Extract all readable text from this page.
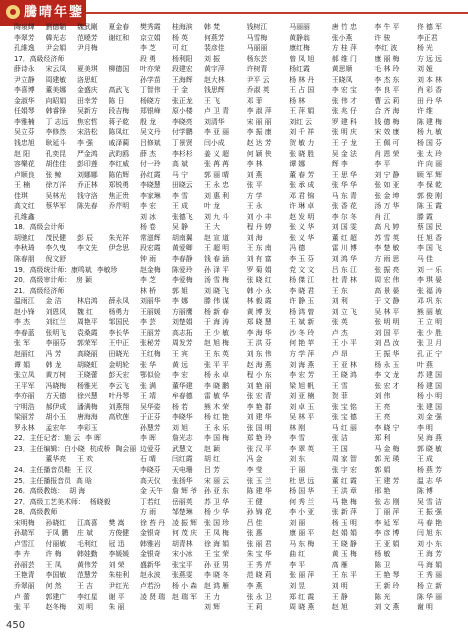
騰晴年鑒
陶泉輝	劉德韜	魏武剛	夏金春	樊秀霞	桂海滨	韩 梵	钱树江	马丽丽	唐 竹 忠	李 牛 平	佟 德 军
李翠芳	韓光志	范曉芳	谢红和	京立娟	杨 英	何燕芳	马雪梅	黄静翁	张小燕	许 骏	李正君
孔維逸	尹会娟	尹月梅	李 芝	可 红	裴彦佳	马丽丽	康红梅	方 桂 萍	李红 波	杨 光
17．高級经济师	段 勇	杨利阳	刘 振	杨东芸	曾 凤 旭	郝 维 门	康 丽 梅	方 远 远
薛诗永	宋云凤	夏美琪	柳德国	叶亦荣	段建宏	黄宇萍	许树青	杨红霞	黄思顺	毛 林 玲	刘 娅
尹立静	周建敏	洛思虹	孙学苗	王海辉	赵大林	尹平 云	杨 林 丹	王晓凤	李 杰 东	刘 本 林
李喜博	董美娜	金盛庆	高武飞	丁智伟	于 金	钱思辉	乔淑 英	王 占 国	李 宏 宝	李 良 平	肖 彩 香
金淑华	向昭娟	田幸芳	陈 日	杨晓方	张正龙	王 飞	邓 菲	杨 林	张 伟 才	曹 云 莉	田 丹 华
任娟琴	韩睿锋	吴新方	段吉梅	郑银峰	原小楼	卢 卫 青	李 淑 萍	王 萍 娟	张 兆 仔	合 齐 海	许 维
李雅楠	丁 志远	焦宏哲	蒋子乾	殷 龙	李晓亮	刘清华	宋 丽 丽	刘红 云	罗 建 科	钱 德 梅	陈 建 梅
吴立芬	李修然	宋浩松	陈凤红	吴文丹	付学鹏	李 亚 丽	李 振 康	刘 千 祥	张 明 庆	宋 效 康	杨 九 敏
钱忠旭	耿延斗	李 强	戚泽蔺	吕修斌	丁景贤	闫小成	赵 达 芳	贺 敏 力	王 子 龙	王 佩 可	杨 国 芬
赵 阳	孔奕昆	严金鸿	武昀鸥	薛 杰	李杉杉	姜 义 超	何 颖 侠	张 晓 胜	吴 金 法	肖 恩 荣	张 太 玲
容樂花	胡佳佳	彭印莲	李红威	付一玲	高 斌	张 苒 苒	李 林	谭 娜	辉 李	李 平	许 向 丽
卢顺良	张 鲸	刘娜娜	陈佑辉	孙红霞	马 宁	郭 丽 晴	刘 燕	董 春 芳	王 思 华	刘 宁 静	顾 军 辉
王 楠	徐万洋	乔正林	郑锐勇	李晓慧	田晓云	王 永 忠	张 平	张 承 成	张 华 华	张 如 亚	李 保 乾
佳琪	吴林光	钱守洛	焦正贵	李家琳	李 雪	刘 惠 利	方 学	邓 君 锦	马 东 青	张 金 坤	郭 俊 刚
高文红	蔡华军	陈先春	乔芹明	李 宏	王 成	叶 龙	王 永	许 琳 卓	张 香 花	汤 万 华	陈 玉 霞
孔维鑫	刘 冰	张德飞	刘 九 斗	刘 小 丰	赵 发 明	李 尔 冬	肖 江	滕 霞
18．高级会计师	杨 卷	吴 静	王 大	程 丹 婷	张 义 华	刘 国 雯	高 凡 婷	蔡 国 民
胡驰红	茂民健	彭 辰	朱光祥	常滋辉	胡南翼	赵 宣 道	刘 海	张 义 华	董 红 超	苏 雪 英	任 旭 香
李秋琦	李久曳	李文先	伊念思	段宏霞	黄爱卿	王 超 明	王 东 南	冯 德	雷 川 博	李 楚 敏	李 国 飞
陈春朋	倪文舒	钟 雨	李春静	钱 春 涵	刘 有 富	李 玉 芬	刘 鸿 华	方 雨 思	马 佳
19．高级统计师：康鸣斌 李敏珍	赵金梅	陈爱玲	孙 泽 平	罗 菊 娟	党 文 文	吕 东 江	张 振 亮	刘 一 乐
20．高级审计师： 房 颖	李 芝	李爱梅	汤 雪 梅	张 晓 红	杨 傑 江	杜 青 林	周 宏 伟	李 琪 晏
21．高级经济师	林 桥	郭 姐	刘 晓 飞	韩 小 永	李 晓 君	王 东	高 景 晏	张 福 涛
温雨江	金 洁	林启鸿	薛永凤	刘丽华	李 娜	滕 伟 谋	林 毅 霞	许 静 玉	刘 利	于 文 静	邓 巩 东
赵小锋	刘恩风	魏 红	杨勇力	王丽媛	方丽鹰	杨 新 春	黄 博 发	杨 鸿 曾	刘 立 飞	吴 林 平	熊 丽 敏
李 杰	刘红兰	周艳平	邹国民	李 芸	刘楚娟	于 海 涛	郑 晓 慧	王 斌 新	张 英	张 明 明	王 立 明
李春蓝	张明飞	袁桑霞	李长华	王丽芳	高志拓	王 少 敏	李 海 华	沙 冬 玲	卢 杰	刘 国 平	张 少 胜
张 军	李丽芬	郭荣军	王中正	张秘芳	周发芳	赵 旭 梅	王 洪 芬	何 艳 苹	王 小 平	刘 昌 汝	张 卫 月
赵丽红	冯 芳	高晓丽	田晓光	王红梅	王 宾	王 东 英	刘 东 伟	方 学 萍	卢 昂	王 振 华	孔 正 宁
谭 娟	韩 龙	胡晓虹	金明轮	张 华	黄 远	张 平 平	赵 海 燕	刘 海 燕	王 亚 林	杨 永 玉	叶 燕
张立凤	黄万树	王晓蕾	彭天宏	鄂似俭	李 宏	杨 永 卓	程 小 东	李 宏 芳	王 晓 鸿	李 文 龙	苏 建 国
王平军	冯晓梅	杨雅光	李云飞	张 满	董华建	李 晓 鹏	刘 艳 丽	梁 旭 帆	王 雪	张 宏 才	杨 建 国
李亦丽	方天德	徐兴慧	叶丹琴	王 靖	牟春德	雷 敏 华	张 宏 青	刘 亚 楠	贺 菲	刘 伟	杨 小 明
宁明浩	郝伊成	潘满梅	刘燕翔	吴华姿	杨 若	熊 木 荣	李 艳 群	刘 卓 玉	张 宝 铭	王 亮	张 建 国
梁丽芳	胡小玉	唐海海	高欣莲	于正芬	李晓华	杨 红 艳	刘 建 华	吴 林 平	张 宝 德	王 亮	刘 金 强
罗永林	孟宏年	李彩玉	孙慧芳	刘 旭	王 永 乐	张 国 明	林 刚	马 红 丽	李 晓 宁	李 明
22．主任记者：施 云 李 晖	李 晖	詹光志	李 国 梅	郑 艳 玲	李 雪	张 洁	郑 利	吴 海 燕
23．主任编辑：白小晓 杭成桥 陶会丽 边爱芬	武慧文	赵 颖	张 汉 平	李 翠 英	王 国	马 金 梅	郭 晓 敏
董华亮	王 欢	石 晴	闫红霞	胡 红	冯 金	刘 东	周 家 智	郭 光 瑛	王 成
24．主任播音员鞋 王 汉	李晓芬	天电珊	吕 芳	李 莹	于 丽	张 宇 宏	郭 娟	杨 燕 芳
25．主任播报音员 高 晗	高天仪	张扬华	宋 丽 云	张 玉 兰	杜 思 远	董 红 霞	王 建 芳	温 志 华
26．高级教练： 胡 海	金 天午	詹 辉 爷	孙 亚 东	陈 建 华	杨 国 华	王 洪 章	邢 艳	陈 博
27．高级工艺美术师： 杨晓毅	丁若红	岳丽英	苏 卫 华	王 健	何 秀 兰	马 艳 梅	张 志 刚	吴 雪 洁
28．高级教师	方 雨	邹楚琳	杨 少 华	孙 锦 花	李 小 亚	张 新 萍	丁 丽 萍	王 振 强
宋明梅	孙晓红	江高喜	樊 嵩	徐 苔 丹	凌 振 辉	张 国 珍	吕 佳	刘 丽	杨 玉 明	李 延 军	马 春 艳
孙瑞军	于凤 鹏	庄 斌	方俊健	金银奇	何 茂 庆	王 凤 梅	张 惠	康 丽 平	赵 娟 娟	李 彦 博	闫 旭 东
卢雪江	付丽敏	毛利红	冠 迅	韩雅岩	胡青林	徐 海 娟	张 丽 君	马 东 梅	王 晓 静	王 亚 娟	刘 小 东
李 卉	许 梅	韩娃勤	李媛媛	金银奇	宋小冰	王 宝 荣	朱 宝 华	曲 红	黄 玉 梅	杨 敏	王 海 芳
孙丽芸	王 凤	黄伟芳	刘 荣	盛新华	张宝平	孙 亚 男	王 秀 芹	李 平	高 雁	陈 卫	马 海 娟
王艳青	李国敏	范慧芳	朱桂利	赵永波	张燕雯	李 晓 冬	范 晓 莉	张 丽 萍	王 东 平	王 艳 琴	王 秀 丽
乔翠丽	何 然	王 吉	尹红光	卢若汾	杨 小 森	赵 鸿 雁	李 燕	刘 昱	刘 明	王 新 玲	杨 立 新
卢 蕾	郭建广	李红星	谢 平	凌 贤 瑞	赵 瑞 军	王 力	张 永 卫	郑 红 霞	王 静	陈 光	陈 华 丽
张 平	赵冬梅	刘 明	朱 丽	刘 辉	王 莉	周 晓 燕	赵 旭	刘 文 燕	谢 明
450
